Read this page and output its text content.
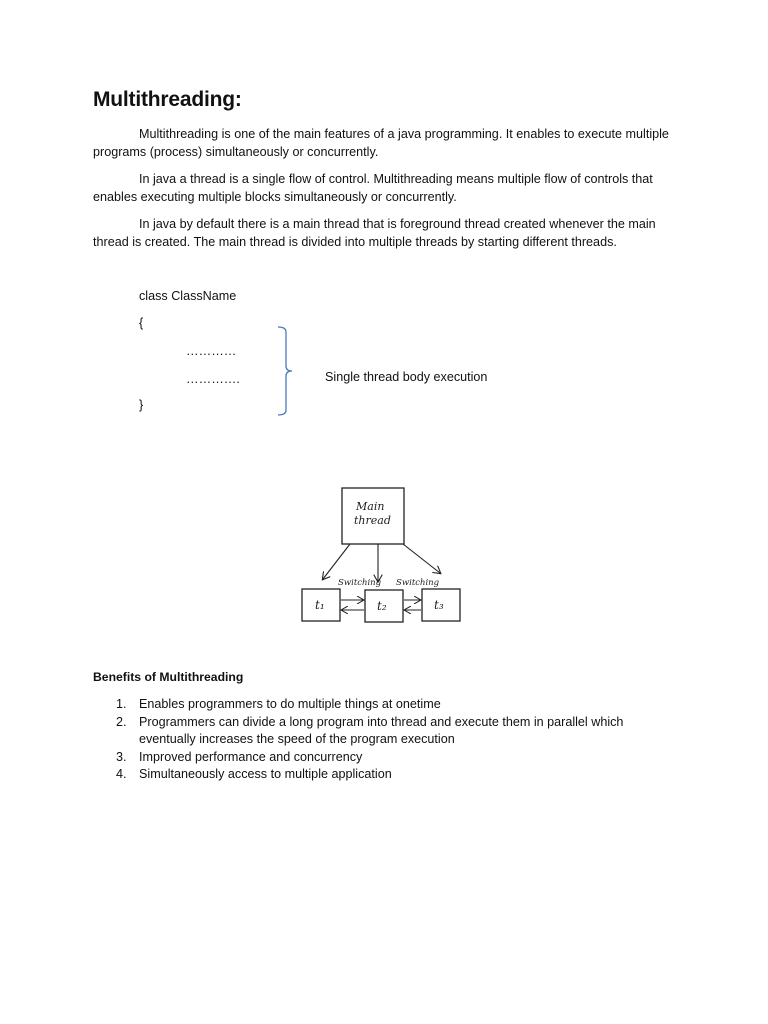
Multithreading:

Multithreading is one of the main features of a java programming. It enables to execute multiple programs (process) simultaneously or concurrently.

In java a thread is a single flow of control. Multithreading means multiple flow of controls that enables executing multiple blocks simultaneously or concurrently.

In java by default there is a main thread that is foreground thread created whenever the main thread is created. The main thread is divided into multiple threads by starting different threads.

class ClassName

{

…………

………….

}

Single thread body execution

Main
thread
Switching Switching
t₁	t₂	t₃
Benefits of Multithreading
1. Enables programmers to do multiple things at onetime
2. Programmers can divide a long program into thread and execute them in parallel which eventually increases the speed of the program execution
3. Improved performance and concurrency
4. Simultaneously access to multiple application
